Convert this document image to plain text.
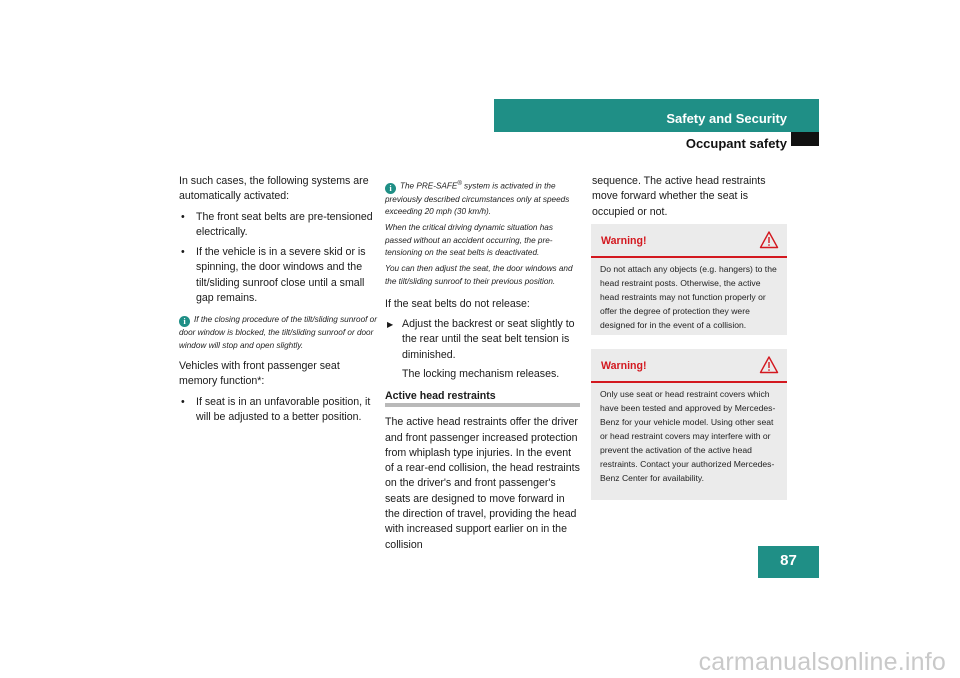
Safety and Security
Occupant safety
In such cases, the following systems are automatically activated:
• The front seat belts are pre-tensioned electrically.
• If the vehicle is in a severe skid or is spinning, the door windows and the tilt/sliding sunroof close until a small gap remains.
i If the closing procedure of the tilt/sliding sunroof or door window is blocked, the tilt/sliding sunroof or door window will stop and open slightly.
Vehicles with front passenger seat memory function*:
• If seat is in an unfavorable position, it will be adjusted to a better position.
i The PRE-SAFE® system is activated in the previously described circumstances only at speeds exceeding 20 mph (30 km/h).
When the critical driving dynamic situation has passed without an accident occurring, the pre-tensioning on the seat belts is deactivated.
You can then adjust the seat, the door windows and the tilt/sliding sunroof to their previous position.
If the seat belts do not release:
▶ Adjust the backrest or seat slightly to the rear until the seat belt tension is diminished.
The locking mechanism releases.
Active head restraints
The active head restraints offer the driver and front passenger increased protection from whiplash type injuries. In the event of a rear-end collision, the head restraints on the driver's and front passenger's seats are designed to move forward in the direction of travel, providing the head with increased support earlier on in the collision
sequence. The active head restraints move forward whether the seat is occupied or not.
Warning!
Do not attach any objects (e.g. hangers) to the head restraint posts. Otherwise, the active head restraints may not function properly or offer the degree of protection they were designed for in the event of a collision.
Warning!
Only use seat or head restraint covers which have been tested and approved by Mercedes-Benz for your vehicle model. Using other seat or head restraint covers may interfere with or prevent the activation of the active head restraints. Contact your authorized Mercedes-Benz Center for availability.
87
carmanualsonline.info
